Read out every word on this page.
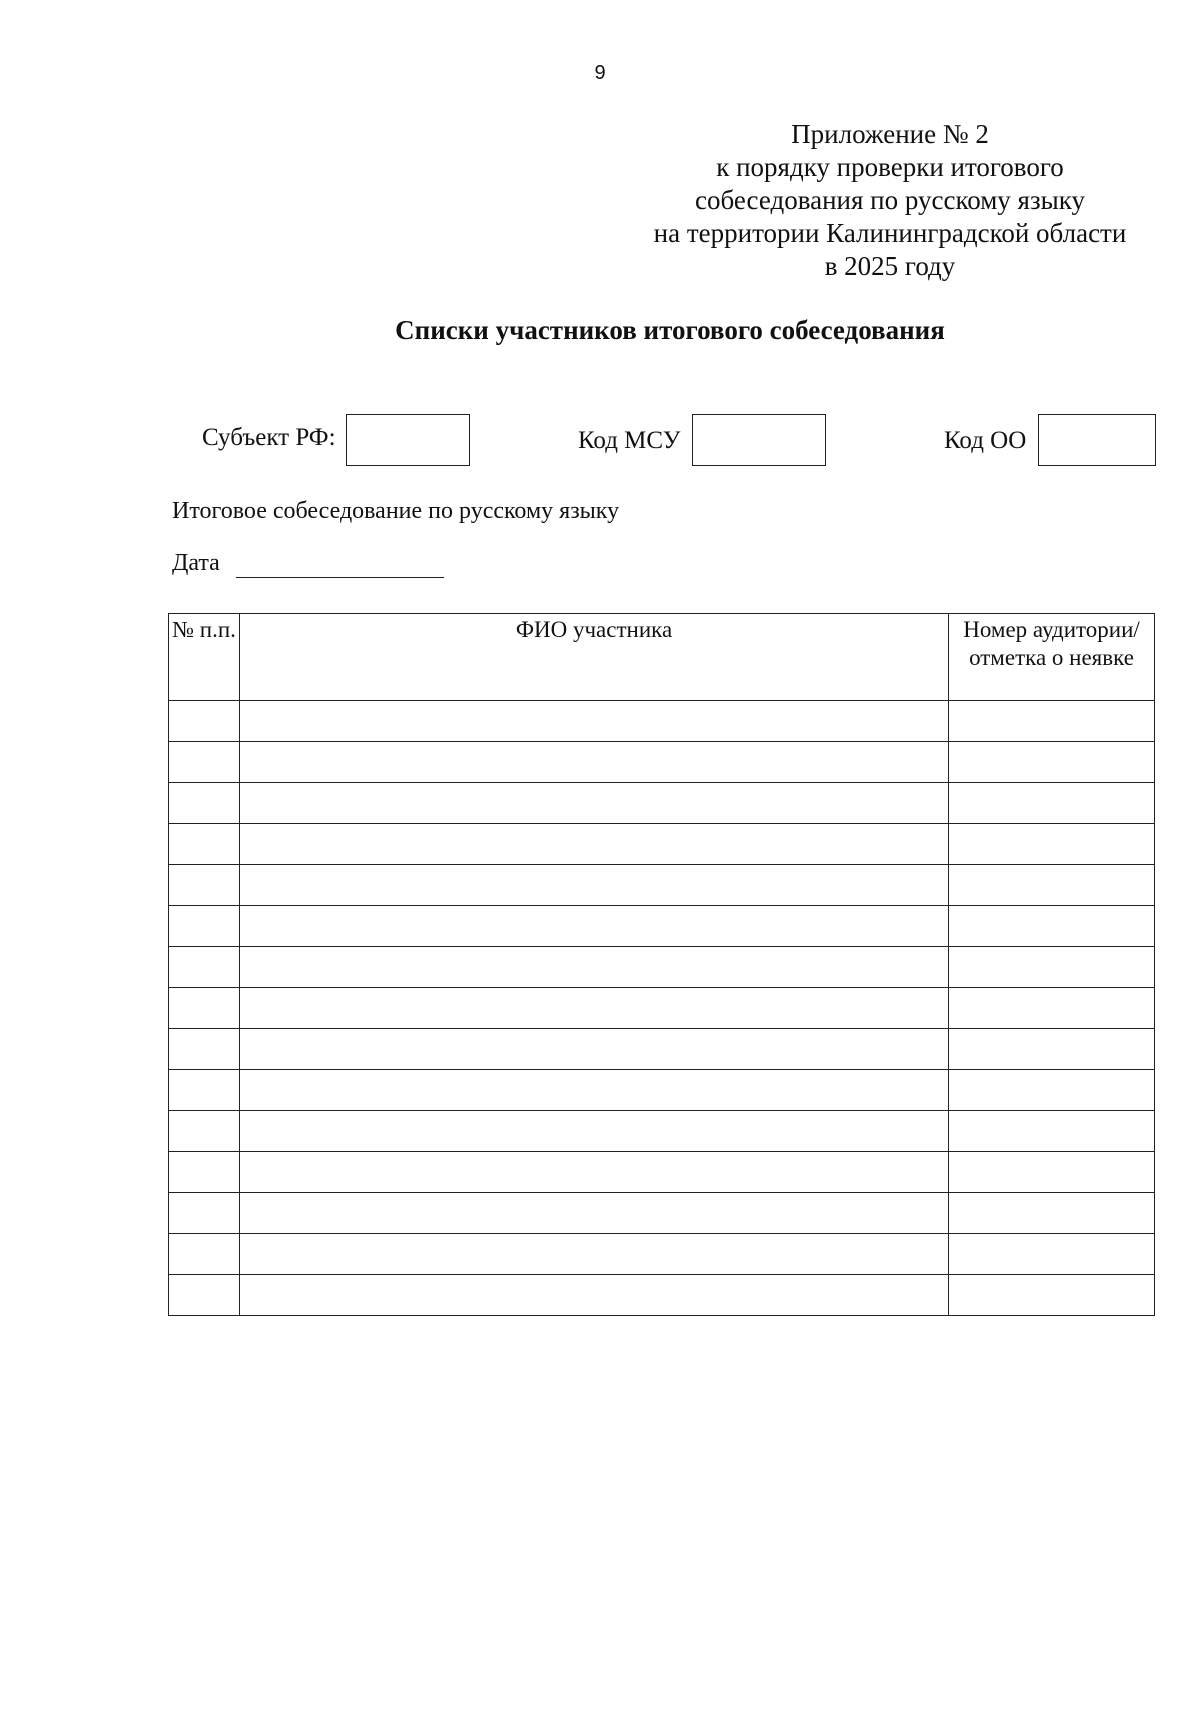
9
Приложение № 2
к порядку проверки итогового
собеседования по русскому языку
на территории Калининградской области
в 2025 году
Списки участников итогового собеседования
Субъект РФ:	Код МСУ	Код ОО
Итоговое собеседование по русскому языку
Дата
№ п.п.	ФИО участника	Номер аудитории/ отметка о неявке
